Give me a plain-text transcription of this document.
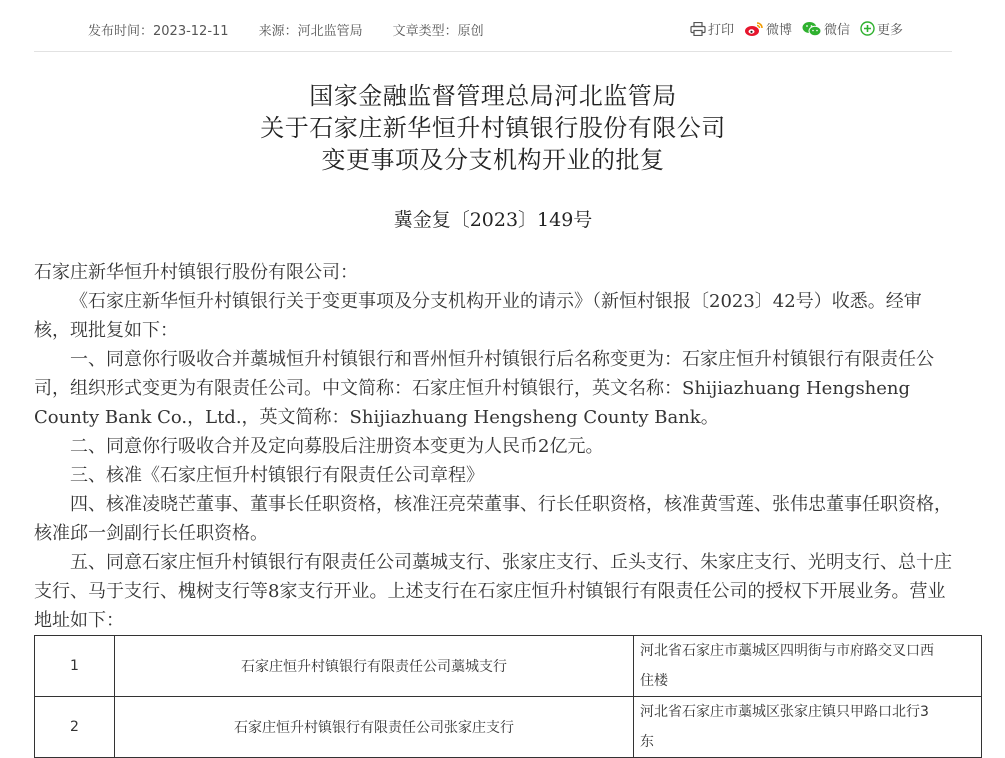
发布时间：2023-12-11 来源：河北监管局 文章类型：原创	打印 微博 微信 更多
国家金融监督管理总局河北监管局
关于石家庄新华恒升村镇银行股份有限公司
变更事项及分支机构开业的批复
冀金复〔2023〕149号

石家庄新华恒升村镇银行股份有限公司：

《石家庄新华恒升村镇银行关于变更事项及分支机构开业的请示》（新恒村银报〔2023〕42号）收悉。经审核，现批复如下：

一、同意你行吸收合并藁城恒升村镇银行和晋州恒升村镇银行后名称变更为：石家庄恒升村镇银行有限责任公司，组织形式变更为有限责任公司。中文简称：石家庄恒升村镇银行，英文名称：Shijiazhuang Hengsheng County Bank Co.，Ltd.，英文简称：Shijiazhuang Hengsheng County Bank。

二、同意你行吸收合并及定向募股后注册资本变更为人民币2亿元。

三、核准《石家庄恒升村镇银行有限责任公司章程》

四、核准凌晓芒董事、董事长任职资格，核准汪亮荣董事、行长任职资格，核准黄雪莲、张伟忠董事任职资格，核准邱一剑副行长任职资格。

五、同意石家庄恒升村镇银行有限责任公司藁城支行、张家庄支行、丘头支行、朱家庄支行、光明支行、总十庄支行、马于支行、槐树支行等8家支行开业。上述支行在石家庄恒升村镇银行有限责任公司的授权下开展业务。营业地址如下：

1	石家庄恒升村镇银行有限责任公司藁城支行	河北省石家庄市藁城区四明街与市府路交叉口西
住楼

2	石家庄恒升村镇银行有限责任公司张家庄支行	河北省石家庄市藁城区张家庄镇只甲路口北行3
东
